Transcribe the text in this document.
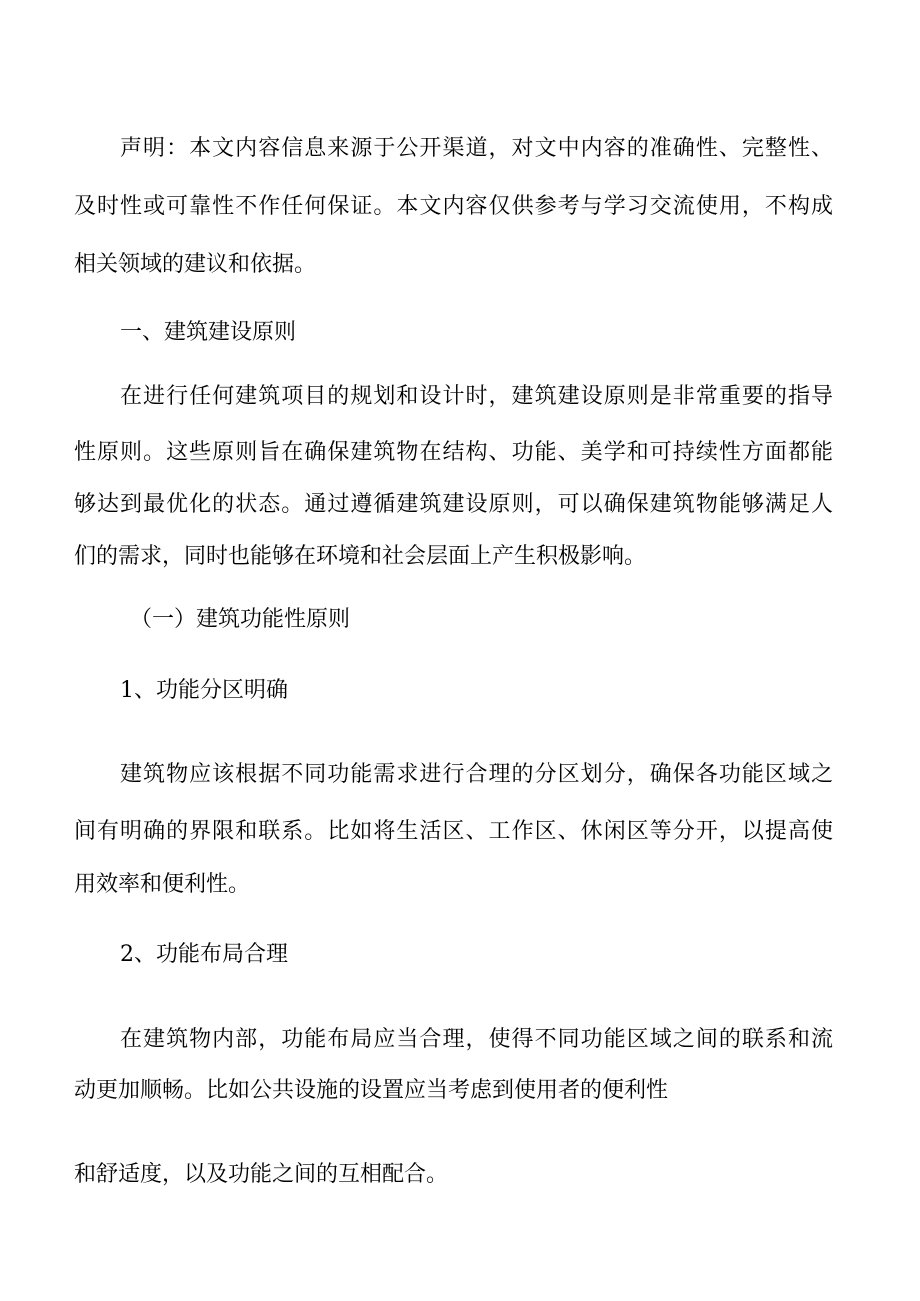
声明：本文内容信息来源于公开渠道，对文中内容的准确性、完整性、
及时性或可靠性不作任何保证。本文内容仅供参考与学习交流使用，不构成
相关领域的建议和依据。
一、建筑建设原则
在进行任何建筑项目的规划和设计时，建筑建设原则是非常重要的指导
性原则。这些原则旨在确保建筑物在结构、功能、美学和可持续性方面都能
够达到最优化的状态。通过遵循建筑建设原则，可以确保建筑物能够满足人
们的需求，同时也能够在环境和社会层面上产生积极影响。
（一）建筑功能性原则
1、功能分区明确
建筑物应该根据不同功能需求进行合理的分区划分，确保各功能区域之
间有明确的界限和联系。比如将生活区、工作区、休闲区等分开，以提高使
用效率和便利性。
2、功能布局合理
在建筑物内部，功能布局应当合理，使得不同功能区域之间的联系和流
动更加顺畅。比如公共设施的设置应当考虑到使用者的便利性
和舒适度，以及功能之间的互相配合。
